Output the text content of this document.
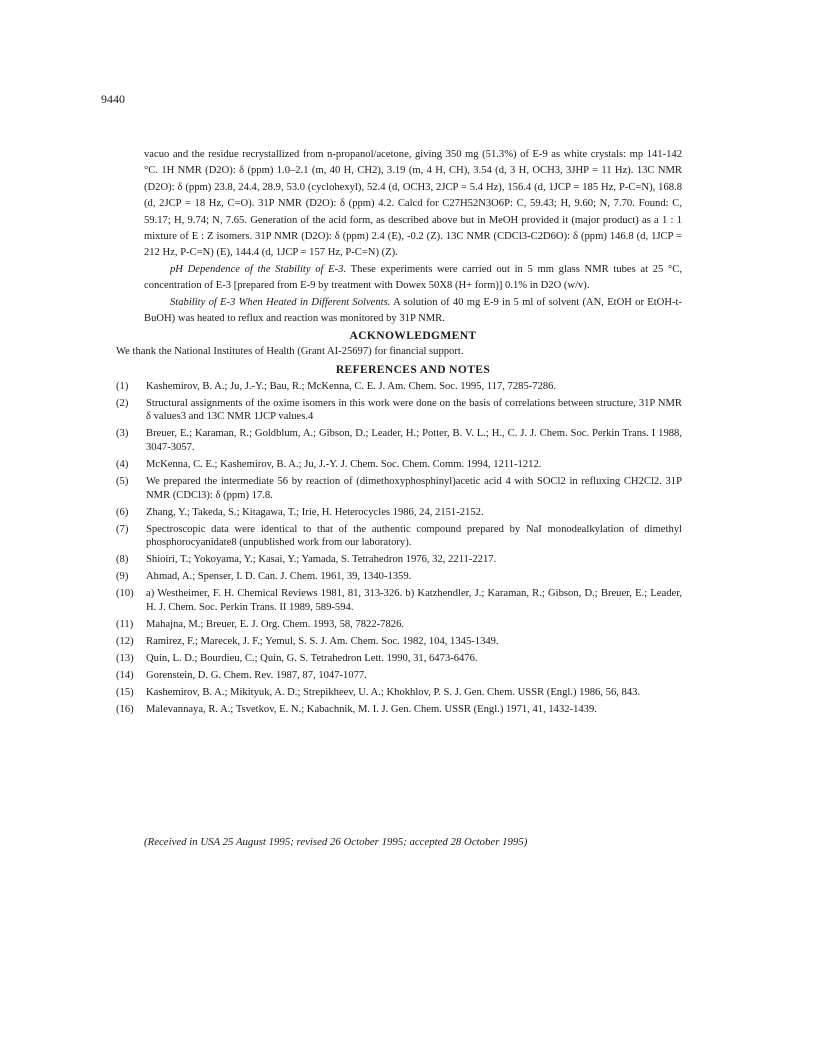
9440

vacuo and the residue recrystallized from n-propanol/acetone, giving 350 mg (51.3%) of E-9 as white crystals: mp 141-142 °C. 1H NMR (D2O): δ (ppm) 1.0–2.1 (m, 40 H, CH2), 3.19 (m, 4 H, CH), 3.54 (d, 3 H, OCH3, 3JHP = 11 Hz). 13C NMR (D2O): δ (ppm) 23.8, 24.4, 28.9, 53.0 (cyclohexyl), 52.4 (d, OCH3, 2JCP = 5.4 Hz), 156.4 (d, 1JCP = 185 Hz, P-C=N), 168.8 (d, 2JCP = 18 Hz, C=O). 31P NMR (D2O): δ (ppm) 4.2. Calcd for C27H52N3O6P: C, 59.43; H, 9.60; N, 7.70. Found: C, 59.17; H, 9.74; N, 7.65. Generation of the acid form, as described above but in MeOH provided it (major product) as a 1 : 1 mixture of E : Z isomers. 31P NMR (D2O): δ (ppm) 2.4 (E), -0.2 (Z). 13C NMR (CDCl3-C2D6O): δ (ppm) 146.8 (d, 1JCP = 212 Hz, P-C=N) (E), 144.4 (d, 1JCP = 157 Hz, P-C=N) (Z).

pH Dependence of the Stability of E-3. These experiments were carried out in 5 mm glass NMR tubes at 25 °C, concentration of E-3 [prepared from E-9 by treatment with Dowex 50X8 (H+ form)] 0.1% in D2O (w/v).

Stability of E-3 When Heated in Different Solvents. A solution of 40 mg E-9 in 5 ml of solvent (AN, EtOH or EtOH-t-BuOH) was heated to reflux and reaction was monitored by 31P NMR.

ACKNOWLEDGMENT

We thank the National Institutes of Health (Grant AI-25697) for financial support.

REFERENCES AND NOTES
(1)	Kashemirov, B. A.; Ju, J.-Y.; Bau, R.; McKenna, C. E. J. Am. Chem. Soc. 1995, 117, 7285-7286.
(2)	Structural assignments of the oxime isomers in this work were done on the basis of correlations between structure, 31P NMR δ values3 and 13C NMR 1JCP values.4
(3)	Breuer, E.; Karaman, R.; Goldblum, A.; Gibson, D.; Leader, H.; Potter, B. V. L.; H., C. J. J. Chem. Soc. Perkin Trans. I 1988, 3047-3057.
(4)	McKenna, C. E.; Kashemirov, B. A.; Ju, J.-Y. J. Chem. Soc. Chem. Comm. 1994, 1211-1212.
(5)	We prepared the intermediate 56 by reaction of (dimethoxyphosphinyl)acetic acid 4 with SOCl2 in refluxing CH2Cl2. 31P NMR (CDCl3): δ (ppm) 17.8.
(6)	Zhang, Y.; Takeda, S.; Kitagawa, T.; Irie, H. Heterocycles 1986, 24, 2151-2152.
(7)	Spectroscopic data were identical to that of the authentic compound prepared by NaI monodealkylation of dimethyl phosphorocyanidate8 (unpublished work from our laboratory).
(8)	Shioiri, T.; Yokoyama, Y.; Kasai, Y.; Yamada, S. Tetrahedron 1976, 32, 2211-2217.
(9)	Ahmad, A.; Spenser, I. D. Can. J. Chem. 1961, 39, 1340-1359.
(10)	a) Westheimer, F. H. Chemical Reviews 1981, 81, 313-326. b) Katzhendler, J.; Karaman, R.; Gibson, D.; Breuer, E.; Leader, H. J. Chem. Soc. Perkin Trans. II 1989, 589-594.
(11)	Mahajna, M.; Breuer, E. J. Org. Chem. 1993, 58, 7822-7826.
(12)	Ramirez, F.; Marecek, J. F.; Yemul, S. S. J. Am. Chem. Soc. 1982, 104, 1345-1349.
(13)	Quin, L. D.; Bourdieu, C.; Quin, G. S. Tetrahedron Lett. 1990, 31, 6473-6476.
(14)	Gorenstein, D. G. Chem. Rev. 1987, 87, 1047-1077.
(15)	Kashemirov, B. A.; Mikityuk, A. D.; Strepikheev, U. A.; Khokhlov, P. S. J. Gen. Chem. USSR (Engl.) 1986, 56, 843.
(16)	Malevannaya, R. A.; Tsvetkov, E. N.; Kabachnik, M. I. J. Gen. Chem. USSR (Engl.) 1971, 41, 1432-1439.
(Received in USA 25 August 1995; revised 26 October 1995; accepted 28 October 1995)
